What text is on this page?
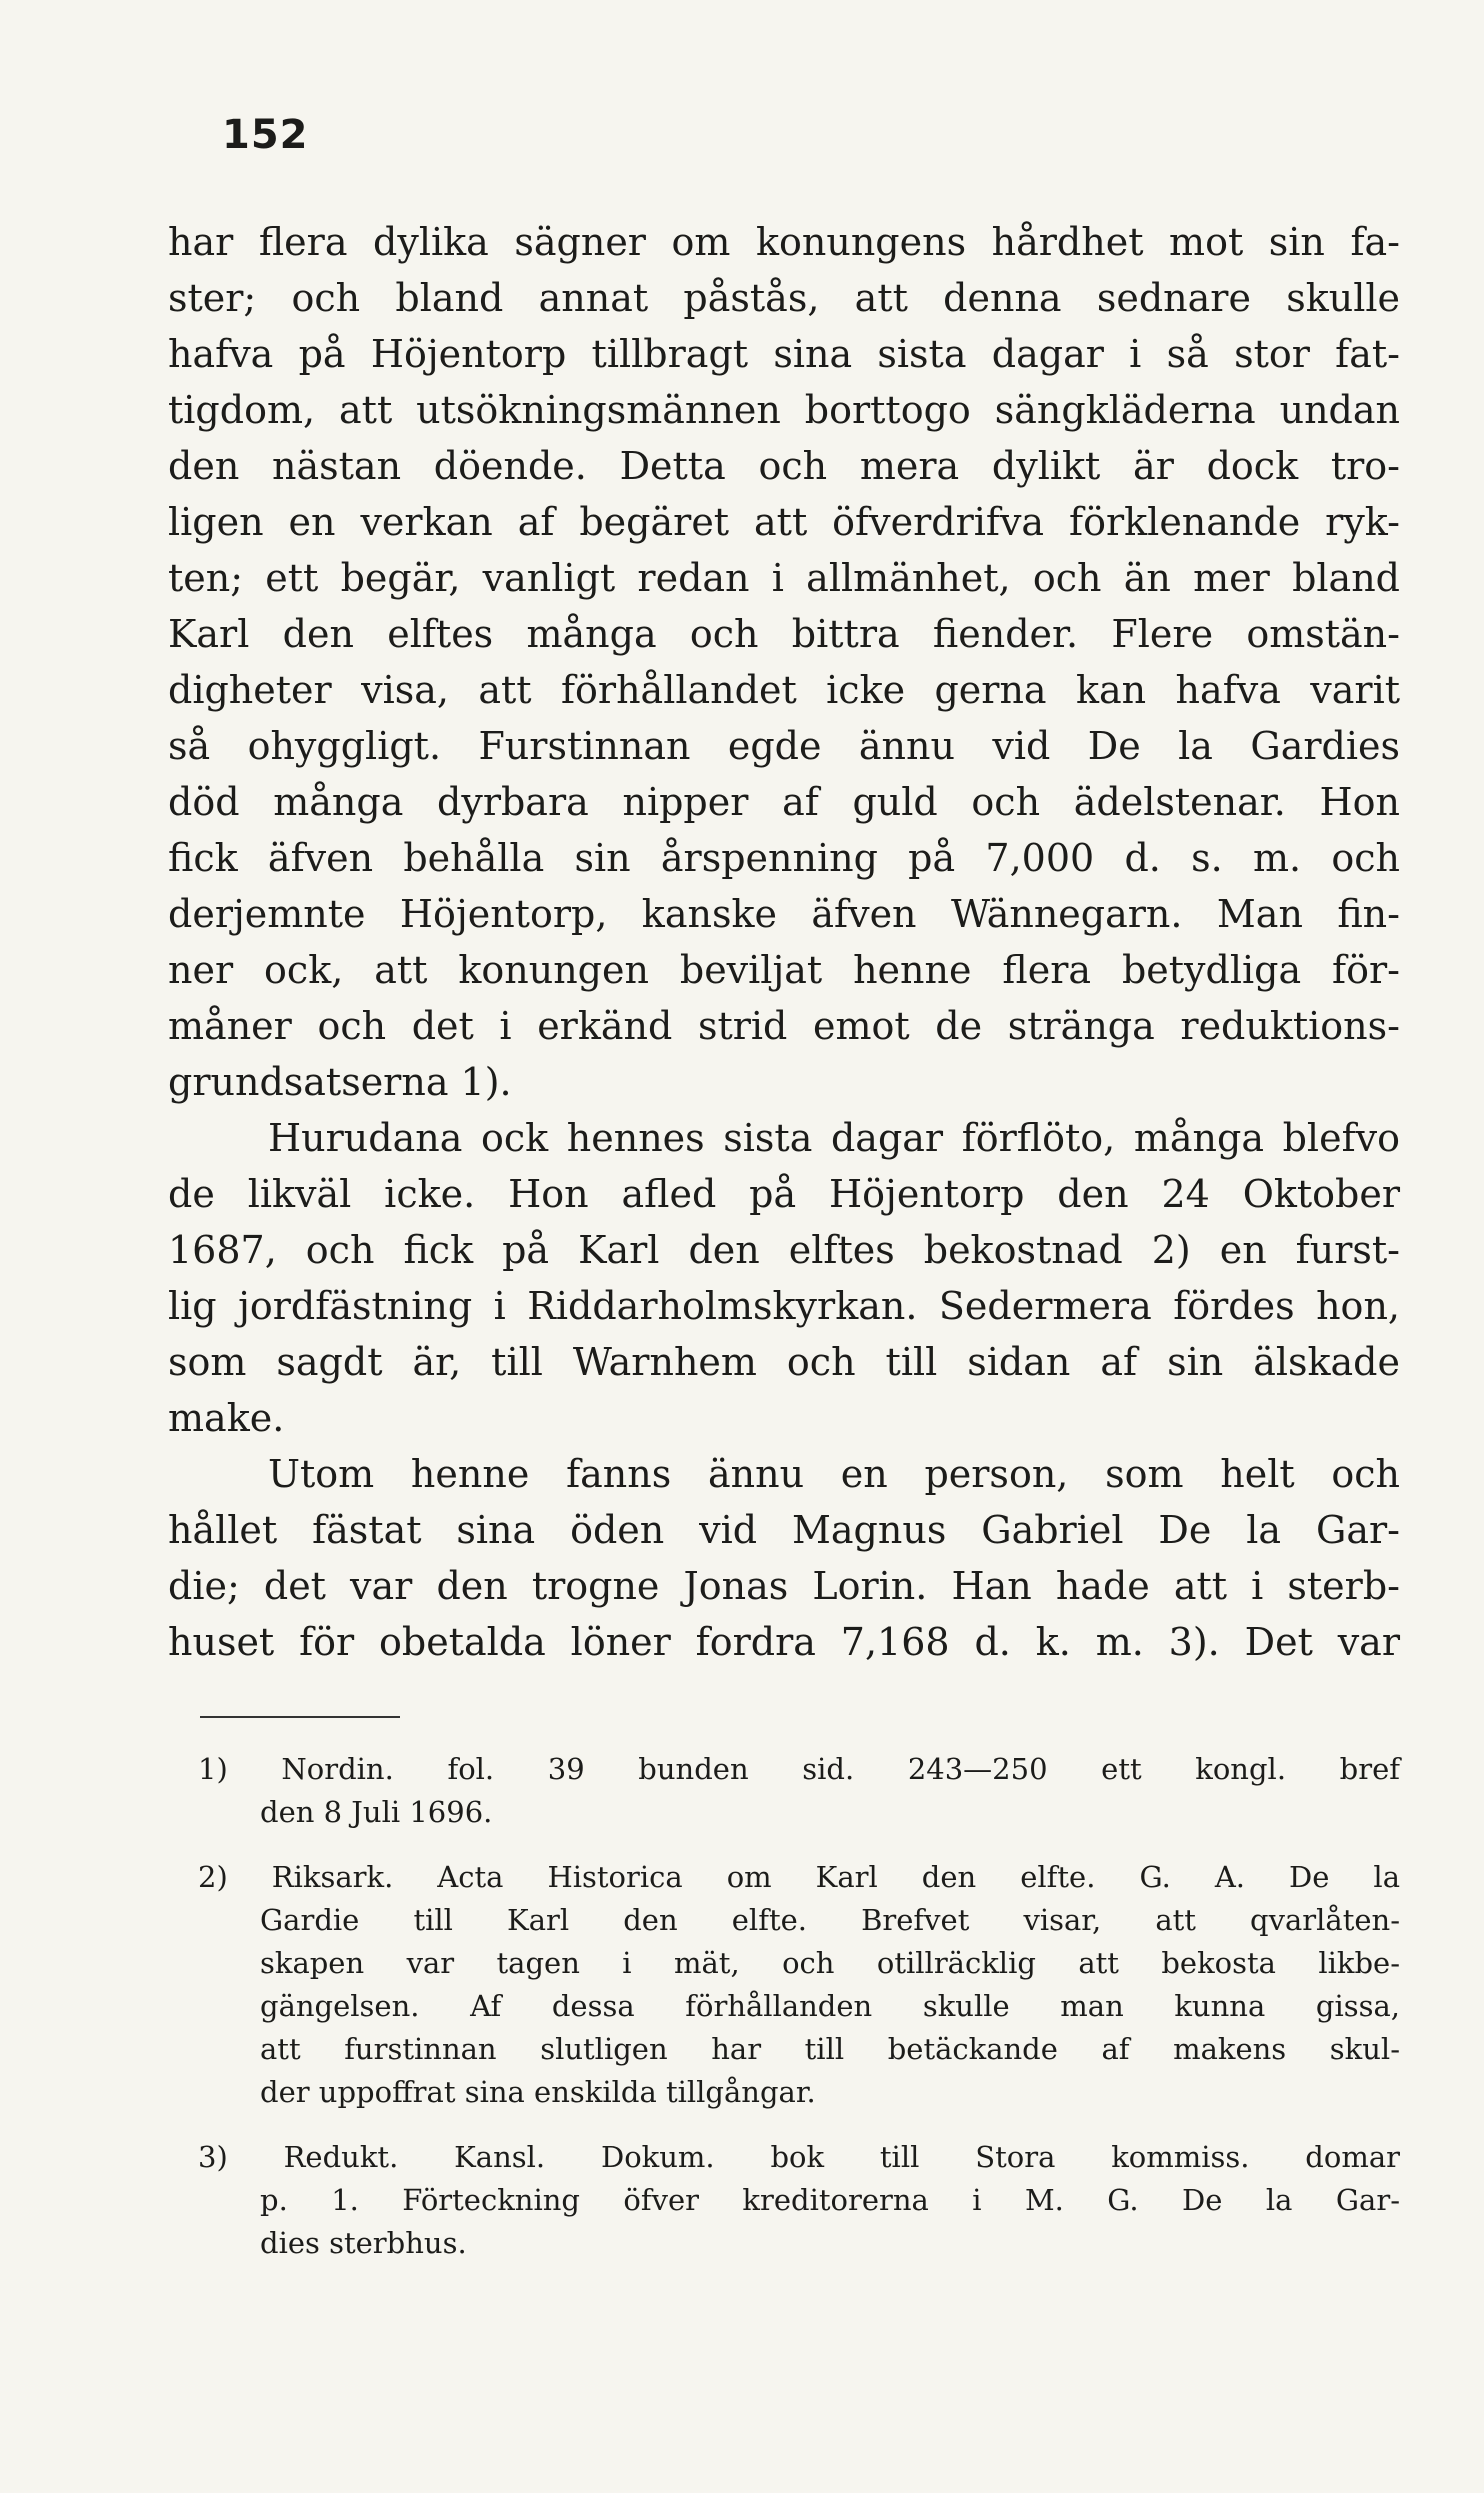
152
har flera dylika sägner om konungens hårdhet mot sin fa-
ster; och bland annat påstås, att denna sednare skulle
hafva på Höjentorp tillbragt sina sista dagar i så stor fat-
tigdom, att utsökningsmännen borttogo sängkläderna undan
den nästan döende. Detta och mera dylikt är dock tro-
ligen en verkan af begäret att öfverdrifva förklenande ryk-
ten; ett begär, vanligt redan i allmänhet, och än mer bland
Karl den elftes många och bittra fiender. Flere omstän-
digheter visa, att förhållandet icke gerna kan hafva varit
så ohyggligt. Furstinnan egde ännu vid De la Gardies
död många dyrbara nipper af guld och ädelstenar. Hon
fick äfven behålla sin årspenning på 7,000 d. s. m. och
derjemnte Höjentorp, kanske äfven Wännegarn. Man fin-
ner ock, att konungen beviljat henne flera betydliga för-
måner och det i erkänd strid emot de stränga reduktions-
grundsatserna 1).
Hurudana ock hennes sista dagar förflöto, många blefvo
de likväl icke. Hon afled på Höjentorp den 24 Oktober
1687, och fick på Karl den elftes bekostnad 2) en furst-
lig jordfästning i Riddarholmskyrkan. Sedermera fördes hon,
som sagdt är, till Warnhem och till sidan af sin älskade
make.
Utom henne fanns ännu en person, som helt och
hållet fästat sina öden vid Magnus Gabriel De la Gar-
die; det var den trogne Jonas Lorin. Han hade att i sterb-
huset för obetalda löner fordra 7,168 d. k. m. 3). Det var
1) Nordin. fol. 39 bunden sid. 243—250 ett kongl. bref
den 8 Juli 1696.
2) Riksark. Acta Historica om Karl den elfte. G. A. De la
Gardie till Karl den elfte. Brefvet visar, att qvarlåten-
skapen var tagen i mät, och otillräcklig att bekosta likbe-
gängelsen. Af dessa förhållanden skulle man kunna gissa,
att furstinnan slutligen har till betäckande af makens skul-
der uppoffrat sina enskilda tillgångar.
3) Redukt. Kansl. Dokum. bok till Stora kommiss. domar
p. 1. Förteckning öfver kreditorerna i M. G. De la Gar-
dies sterbhus.
